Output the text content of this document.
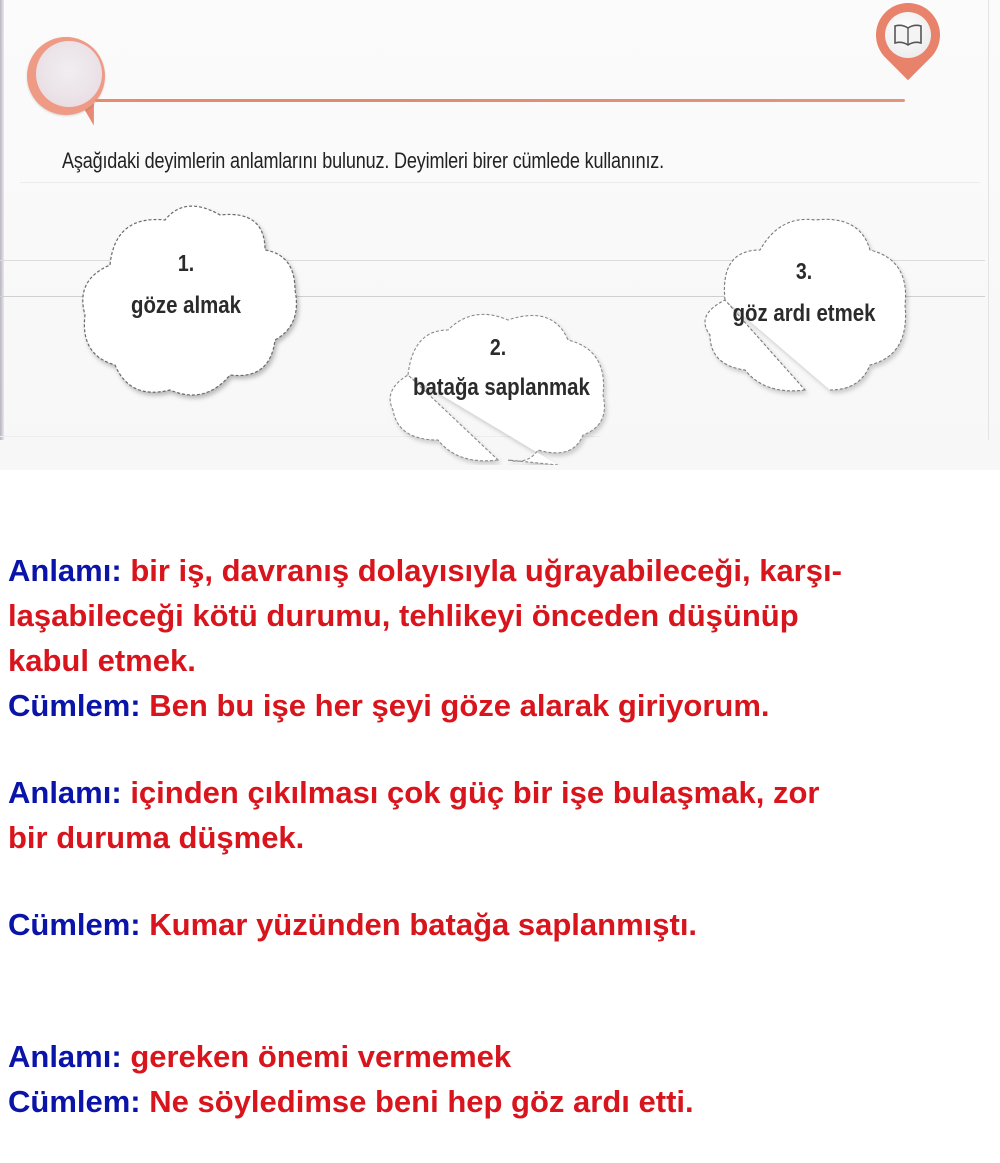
Aşağıdaki deyimlerin anlamlarını bulunuz. Deyimleri birer cümlede kullanınız.
1.
göze almak
2.
batağa saplanmak
3.
göz ardı etmek
Anlamı: bir iş, davranış dolayısıyla uğrayabileceği, karşı-
laşabileceği kötü durumu, tehlikeyi önceden düşünüp
kabul etmek.
Cümlem: Ben bu işe her şeyi göze alarak giriyorum.
Anlamı: içinden çıkılması çok güç bir işe bulaşmak, zor
bir duruma düşmek.
Cümlem: Kumar yüzünden batağa saplanmıştı.
Anlamı: gereken önemi vermemek
Cümlem: Ne söyledimse beni hep göz ardı etti.
